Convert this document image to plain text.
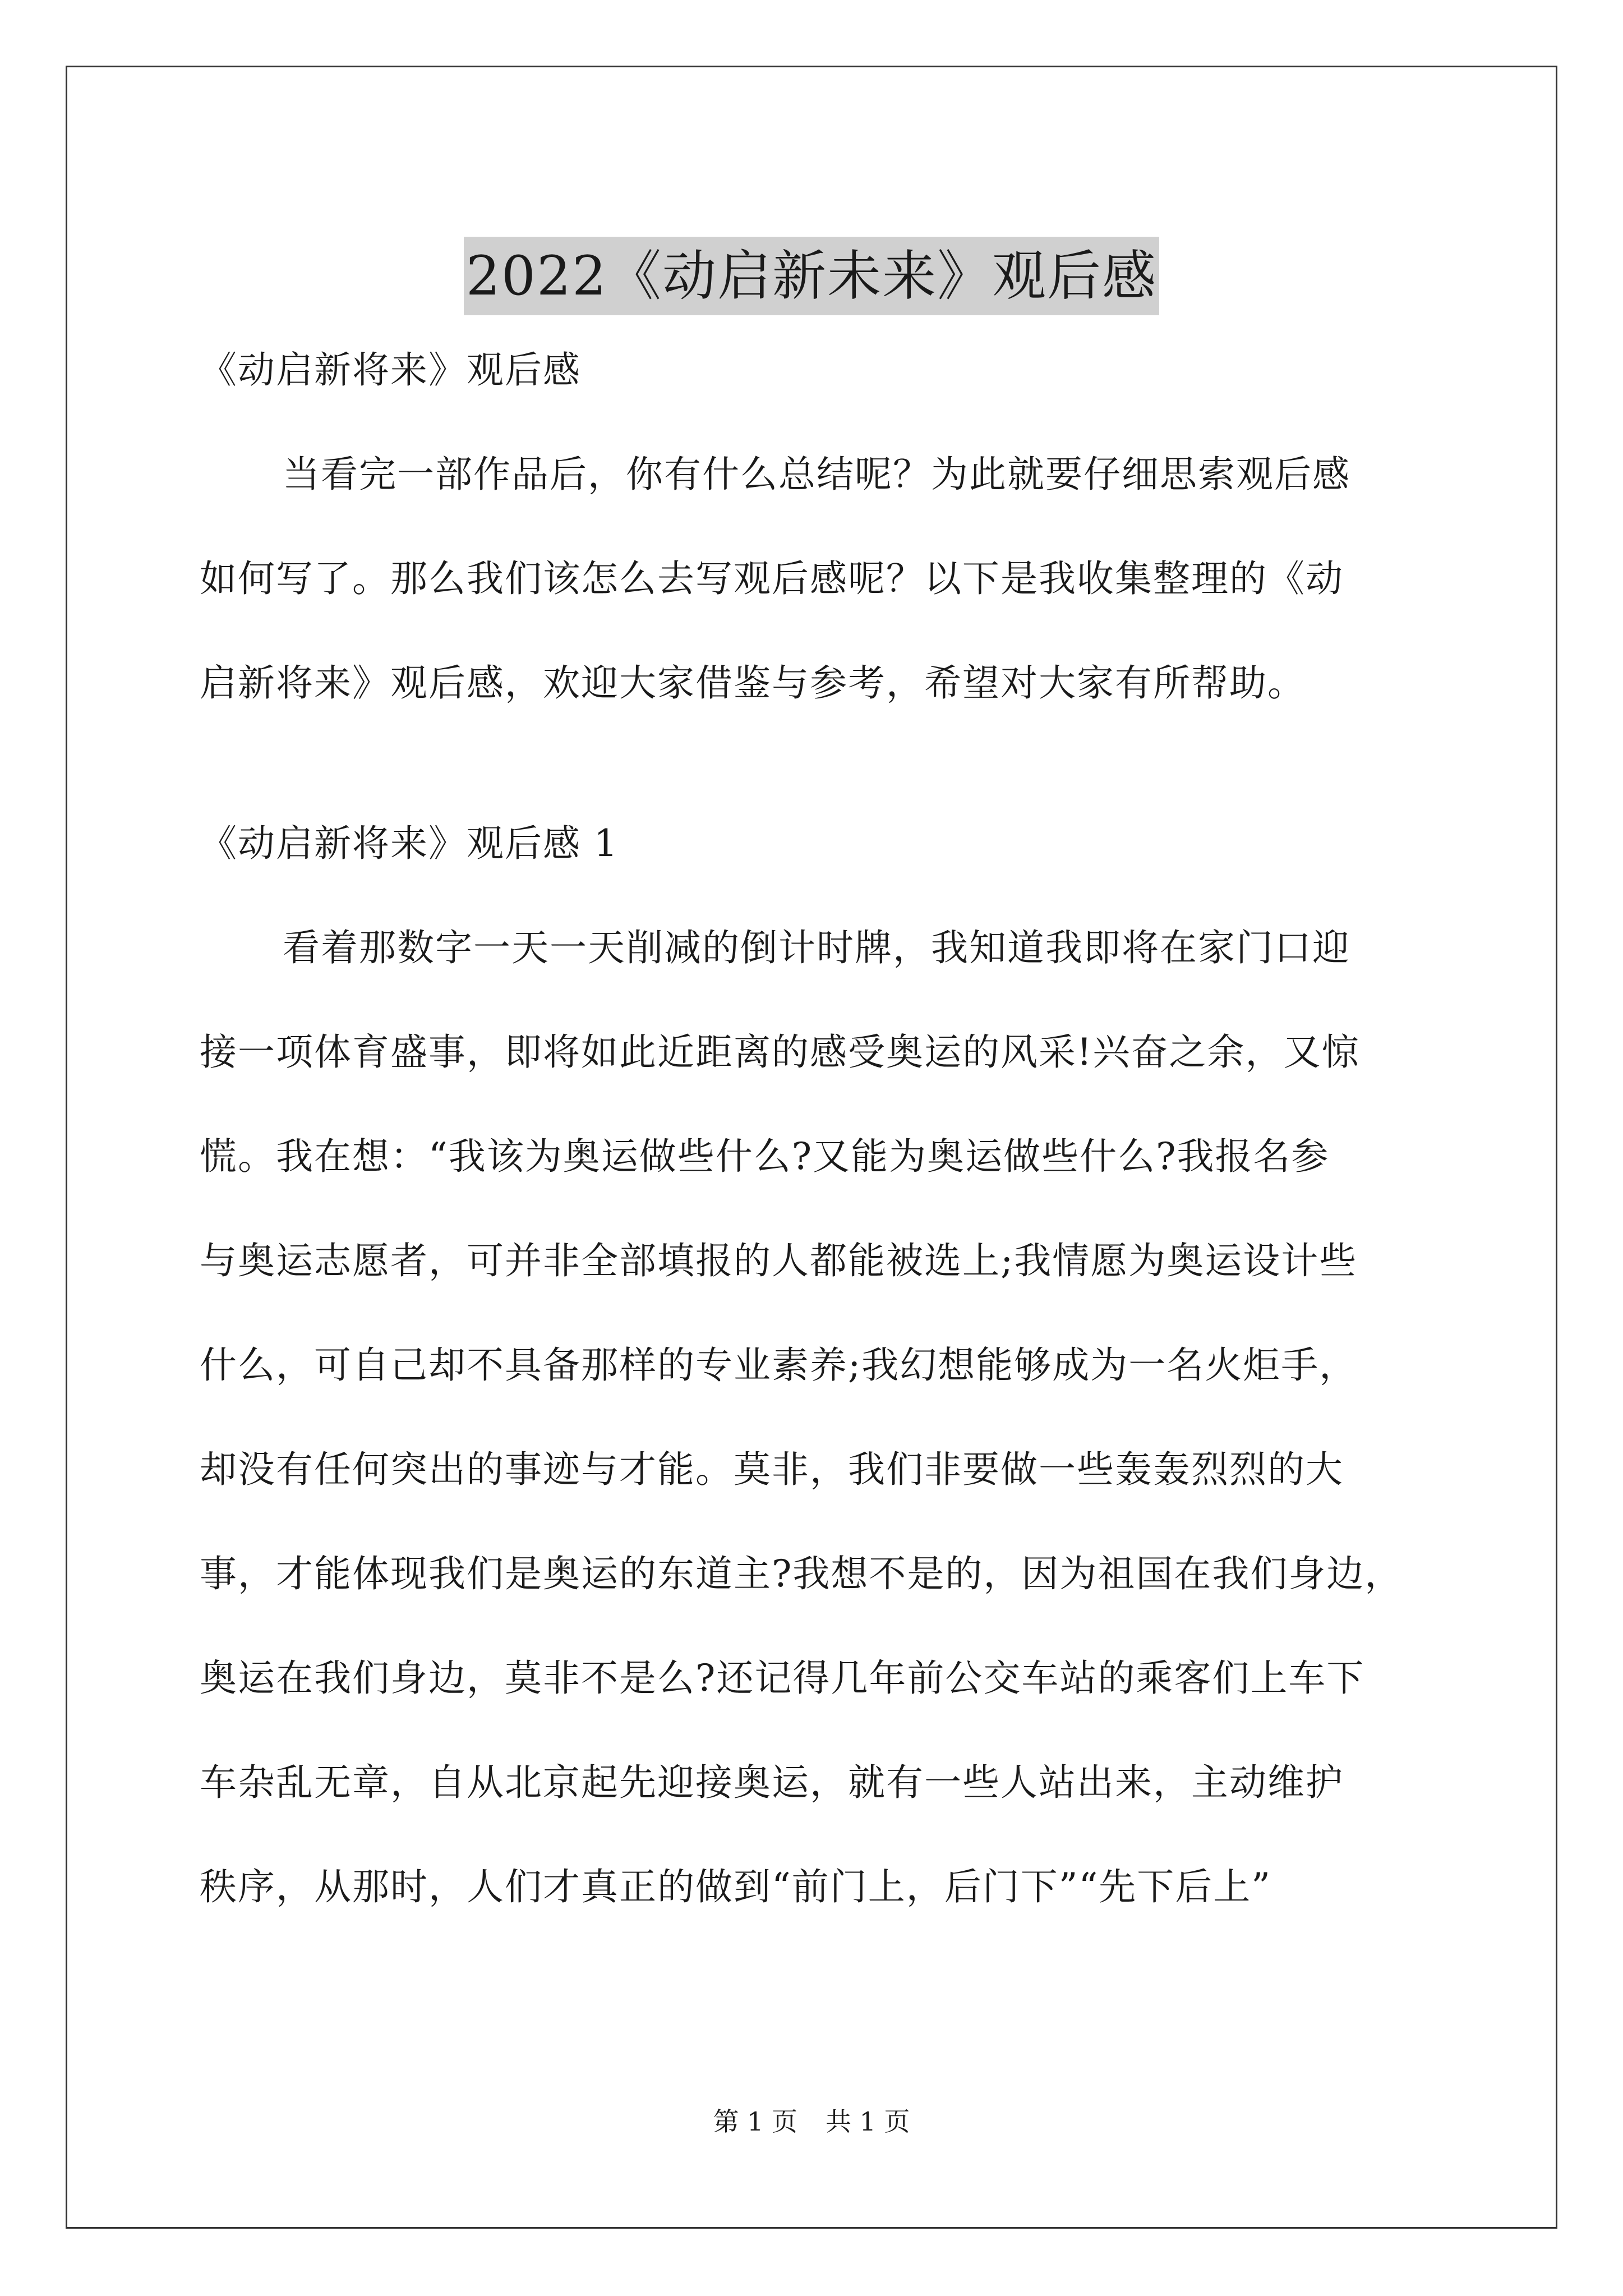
2022《动启新未来》观后感
《动启新将来》观后感
当看完一部作品后，你有什么总结呢？为此就要仔细思索观后感
如何写了。那么我们该怎么去写观后感呢？以下是我收集整理的《动
启新将来》观后感，欢迎大家借鉴与参考，希望对大家有所帮助。
《动启新将来》观后感 1
看着那数字一天一天削减的倒计时牌，我知道我即将在家门口迎
接一项体育盛事，即将如此近距离的感受奥运的风采!兴奋之余，又惊
慌。我在想：“我该为奥运做些什么?又能为奥运做些什么?我报名参
与奥运志愿者，可并非全部填报的人都能被选上;我情愿为奥运设计些
什么，可自己却不具备那样的专业素养;我幻想能够成为一名火炬手，
却没有任何突出的事迹与才能。莫非，我们非要做一些轰轰烈烈的大
事，才能体现我们是奥运的东道主?我想不是的，因为祖国在我们身边，
奥运在我们身边，莫非不是么?还记得几年前公交车站的乘客们上车下
车杂乱无章，自从北京起先迎接奥运，就有一些人站出来，主动维护
秩序，从那时，人们才真正的做到“前门上，后门下”“先下后上”
第 1 页 共 1 页
